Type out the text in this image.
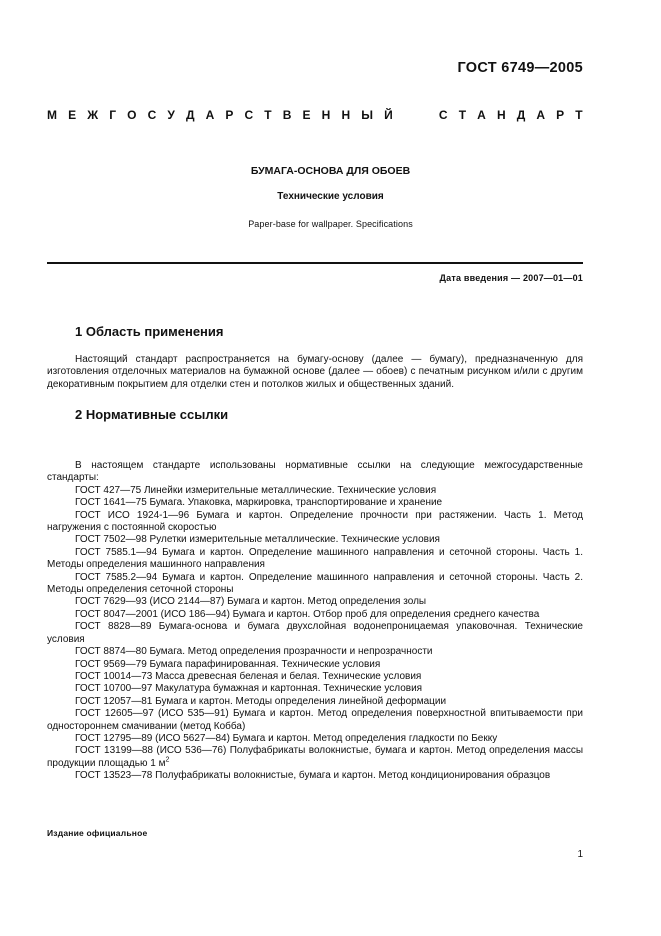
ГОСТ 6749—2005
М Е Ж Г О С У Д А Р С Т В Е Н Н Ы Й	С Т А Н Д А Р Т
БУМАГА-ОСНОВА ДЛЯ ОБОЕВ
Технические условия
Paper-base for wallpaper. Specifications
Дата введения — 2007—01—01
1 Область применения

Настоящий стандарт распространяется на бумагу-основу (далее — бумагу), предназначенную для изготовления отделочных материалов на бумажной основе (далее — обоев) с печатным рисунком и/или с другим декоративным покрытием для отделки стен и потолков жилых и общественных зданий.

2 Нормативные ссылки

В настоящем стандарте использованы нормативные ссылки на следующие межгосударственные стандарты:

ГОСТ 427—75 Линейки измерительные металлические. Технические условия

ГОСТ 1641—75 Бумага. Упаковка, маркировка, транспортирование и хранение

ГОСТ ИСО 1924-1—96 Бумага и картон. Определение прочности при растяжении. Часть 1. Метод нагружения с постоянной скоростью

ГОСТ 7502—98 Рулетки измерительные металлические. Технические условия

ГОСТ 7585.1—94 Бумага и картон. Определение машинного направления и сеточной стороны. Часть 1. Методы определения машинного направления

ГОСТ 7585.2—94 Бумага и картон. Определение машинного направления и сеточной стороны. Часть 2. Методы определения сеточной стороны

ГОСТ 7629—93 (ИСО 2144—87) Бумага и картон. Метод определения золы

ГОСТ 8047—2001 (ИСО 186—94) Бумага и картон. Отбор проб для определения среднего качества

ГОСТ 8828—89 Бумага-основа и бумага двухслойная водонепроницаемая упаковочная. Технические условия

ГОСТ 8874—80 Бумага. Метод определения прозрачности и непрозрачности

ГОСТ 9569—79 Бумага парафинированная. Технические условия

ГОСТ 10014—73 Масса древесная беленая и белая. Технические условия

ГОСТ 10700—97 Макулатура бумажная и картонная. Технические условия

ГОСТ 12057—81 Бумага и картон. Методы определения линейной деформации

ГОСТ 12605—97 (ИСО 535—91) Бумага и картон. Метод определения поверхностной впитываемости при одностороннем смачивании (метод Кобба)

ГОСТ 12795—89 (ИСО 5627—84) Бумага и картон. Метод определения гладкости по Бекку

ГОСТ 13199—88 (ИСО 536—76) Полуфабрикаты волокнистые, бумага и картон. Метод определения массы продукции площадью 1 $м^2$

ГОСТ 13523—78 Полуфабрикаты волокнистые, бумага и картон. Метод кондиционирования образцов

Издание официальное
1
